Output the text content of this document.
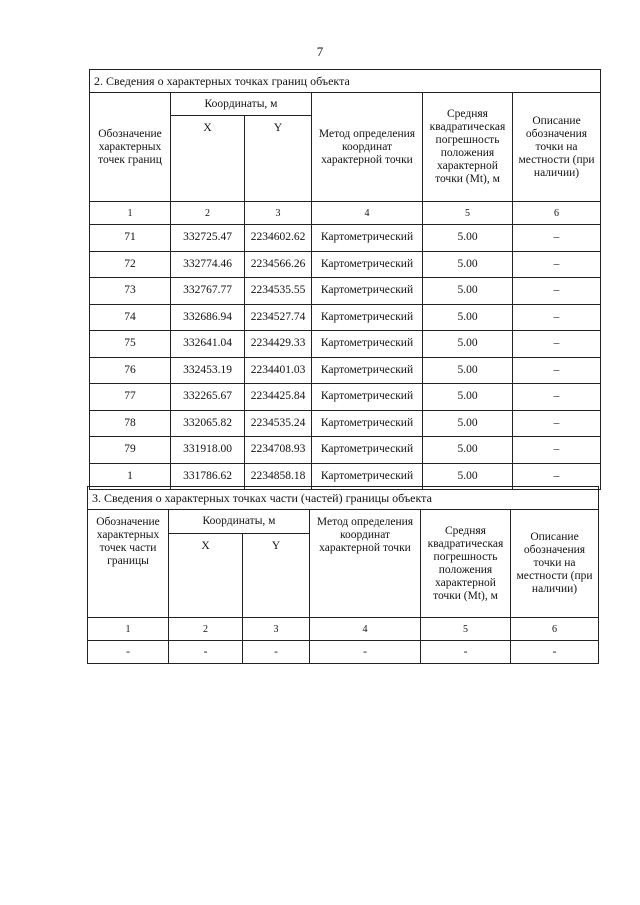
7
2. Сведения о характерных точках границ объекта					
Обозначение характерных точек границ	Координаты, м		Метод определения координат характерной точки	Средняя квадратическая погрешность положения характерной точки (Mt), м	Описание обозначения точки на местности (при наличии)
	X	Y			
1	2	3	4	5	6
71	332725.47	2234602.62	Картометрический	5.00	–
72	332774.46	2234566.26	Картометрический	5.00	–
73	332767.77	2234535.55	Картометрический	5.00	–
74	332686.94	2234527.74	Картометрический	5.00	–
75	332641.04	2234429.33	Картометрический	5.00	–
76	332453.19	2234401.03	Картометрический	5.00	–
77	332265.67	2234425.84	Картометрический	5.00	–
78	332065.82	2234535.24	Картометрический	5.00	–
79	331918.00	2234708.93	Картометрический	5.00	–
1	331786.62	2234858.18	Картометрический	5.00	–
3. Сведения о характерных точках части (частей) границы объекта					
Обозначение характерных точек части границы	Координаты, м		Метод определения координат характерной точки	Средняя квадратическая погрешность положения характерной точки (Mt), м	Описание обозначения точки на местности (при наличии)
	X	Y			
1	2	3	4	5	6
-	-	-	-	-	-
